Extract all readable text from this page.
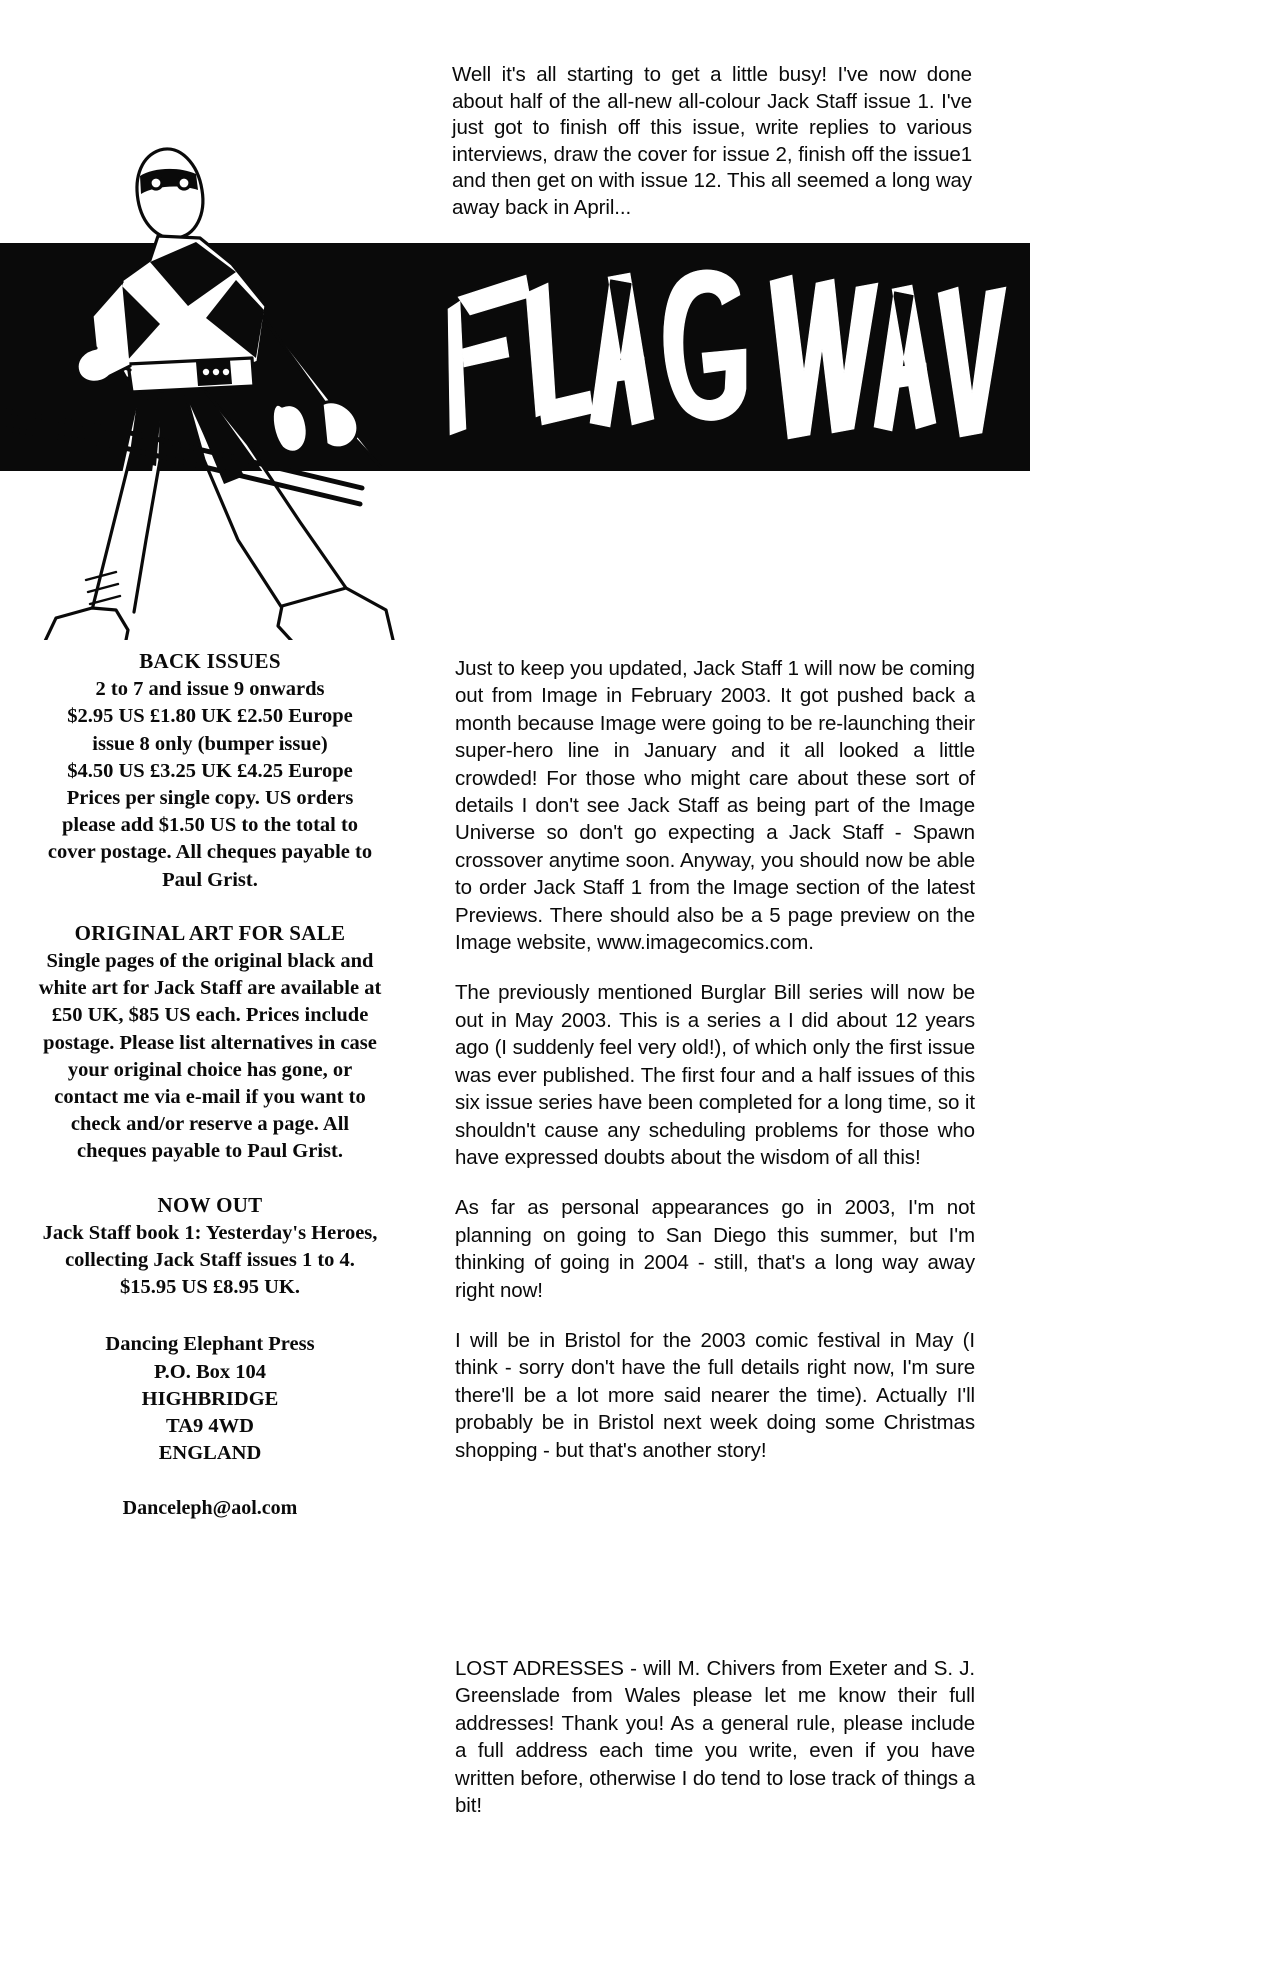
Well it's all starting to get a little busy! I've now done about half of the all-new all-colour Jack Staff issue 1. I've just got to finish off this issue, write replies to various interviews, draw the cover for issue 2, finish off the issue1 and then get on with issue 12. This all seemed a long way away back in April...
BACK ISSUES
2 to 7 and issue 9 onwards
$2.95 US £1.80 UK £2.50 Europe
issue 8 only (bumper issue)
$4.50 US £3.25 UK £4.25 Europe
Prices per single copy. US orders
please add $1.50 US to the total to
cover postage. All cheques payable to
Paul Grist.
ORIGINAL ART FOR SALE
Single pages of the original black and
white art for Jack Staff are available at
£50 UK, $85 US each. Prices include
postage. Please list alternatives in case
your original choice has gone, or
contact me via e-mail if you want to
check and/or reserve a page. All
cheques payable to Paul Grist.
NOW OUT
Jack Staff book 1: Yesterday's Heroes,
collecting Jack Staff issues 1 to 4.
$15.95 US £8.95 UK.
Dancing Elephant Press
P.O. Box 104
HIGHBRIDGE
TA9 4WD
ENGLAND
Danceleph@aol.com

Just to keep you updated, Jack Staff 1 will now be coming out from Image in February 2003. It got pushed back a month because Image were going to be re-launching their super-hero line in January and it all looked a little crowded! For those who might care about these sort of details I don't see Jack Staff as being part of the Image Universe so don't go expecting a Jack Staff - Spawn crossover anytime soon. Anyway, you should now be able to order Jack Staff 1 from the Image section of the latest Previews. There should also be a 5 page preview on the Image website, www.imagecomics.com.

The previously mentioned Burglar Bill series will now be out in May 2003. This is a series a I did about 12 years ago (I suddenly feel very old!), of which only the first issue was ever published. The first four and a half issues of this six issue series have been completed for a long time, so it shouldn't cause any scheduling problems for those who have expressed doubts about the wisdom of all this!

As far as personal appearances go in 2003, I'm not planning on going to San Diego this summer, but I'm thinking of going in 2004 - still, that's a long way away right now!

I will be in Bristol for the 2003 comic festival in May (I think - sorry don't have the full details right now, I'm sure there'll be a lot more said nearer the time). Actually I'll probably be in Bristol next week doing some Christmas shopping - but that's another story!

LOST ADRESSES - will M. Chivers from Exeter and S. J. Greenslade from Wales please let me know their full addresses! Thank you! As a general rule, please include a full address each time you write, even if you have written before, otherwise I do tend to lose track of things a bit!
